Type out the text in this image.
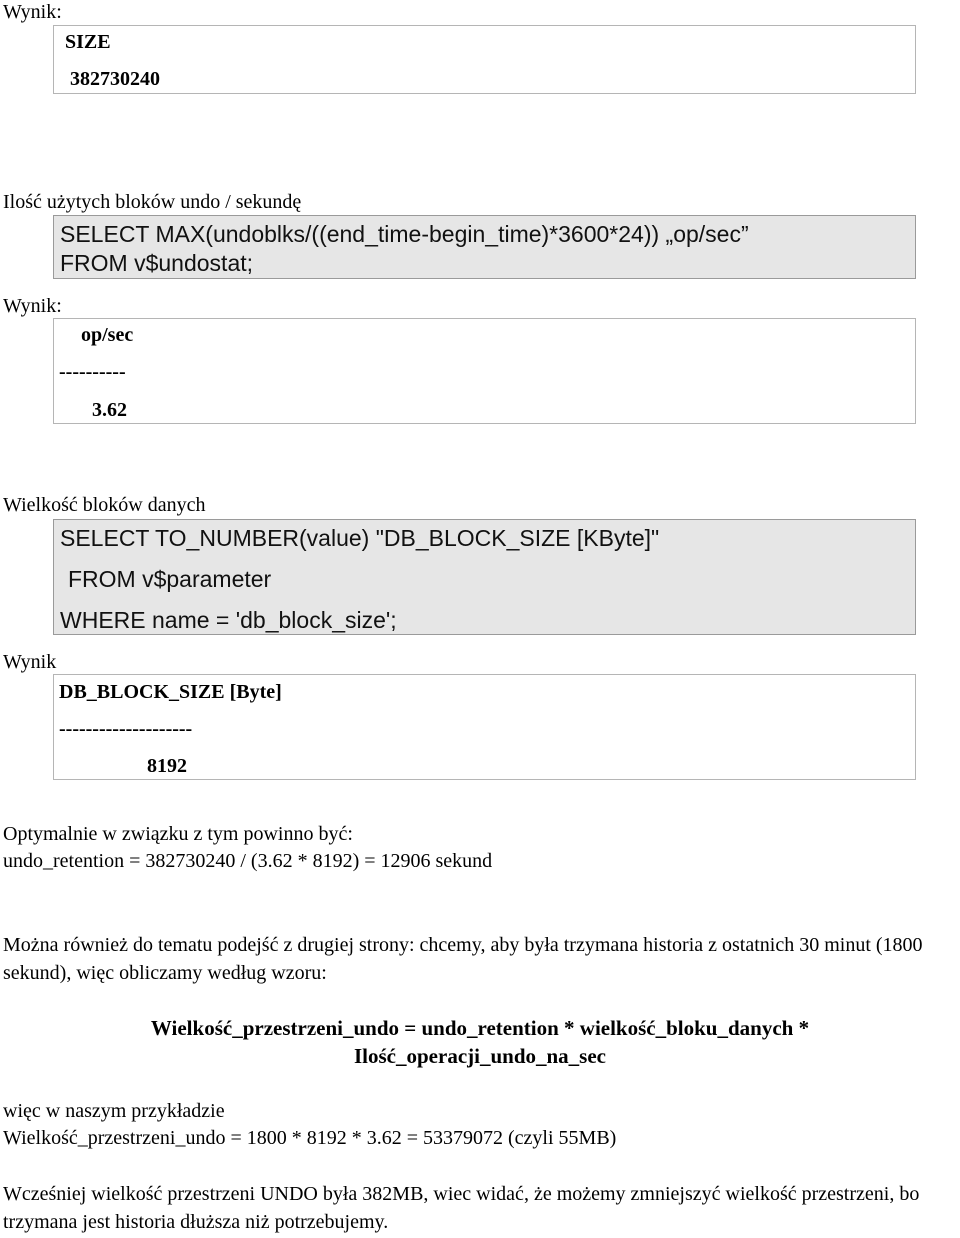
Wynik:
SIZE
382730240
Ilość użytych bloków undo / sekundę
SELECT MAX(undoblks/((end_time-begin_time)*3600*24)) „op/sec”
FROM v$undostat;
Wynik:
op/sec
----------
3.62
Wielkość bloków danych
SELECT TO_NUMBER(value) "DB_BLOCK_SIZE [KByte]"
FROM v$parameter
WHERE name = 'db_block_size';
Wynik
DB_BLOCK_SIZE [Byte]
--------------------
8192
Optymalnie w związku z tym powinno być:
undo_retention = 382730240 / (3.62 * 8192) = 12906 sekund
Można również do tematu podejść z drugiej strony: chcemy, aby była trzymana historia z ostatnich 30 minut (1800 sekund), więc obliczamy według wzoru:
Wielkość_przestrzeni_undo = undo_retention * wielkość_bloku_danych *
Ilość_operacji_undo_na_sec
więc w naszym przykładzie
Wielkość_przestrzeni_undo = 1800 * 8192 * 3.62 = 53379072 (czyli 55MB)
Wcześniej wielkość przestrzeni UNDO była 382MB, wiec widać, że możemy zmniejszyć wielkość przestrzeni, bo trzymana jest historia dłuższa niż potrzebujemy.
